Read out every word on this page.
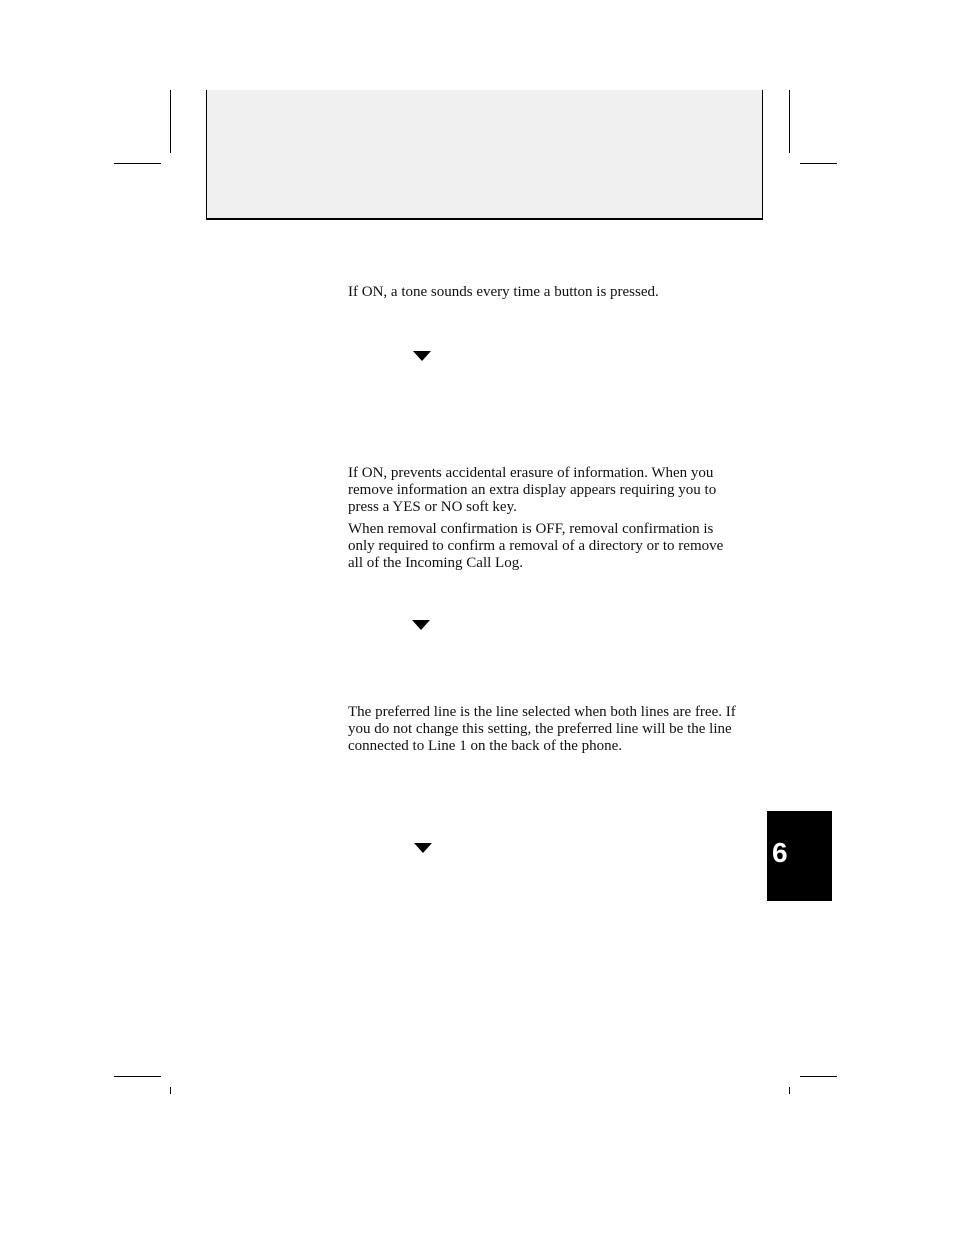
If ON, a tone sounds every time a button is pressed.

If ON, prevents accidental erasure of information. When you remove information an extra display appears requiring you to press a YES or NO soft key.

When removal confirmation is OFF, removal confirmation is only required to confirm a removal of a directory or to remove all of the Incoming Call Log.

The preferred line is the line selected when both lines are free. If you do not change this setting, the preferred line will be the line connected to Line 1 on the back of the phone.

6
